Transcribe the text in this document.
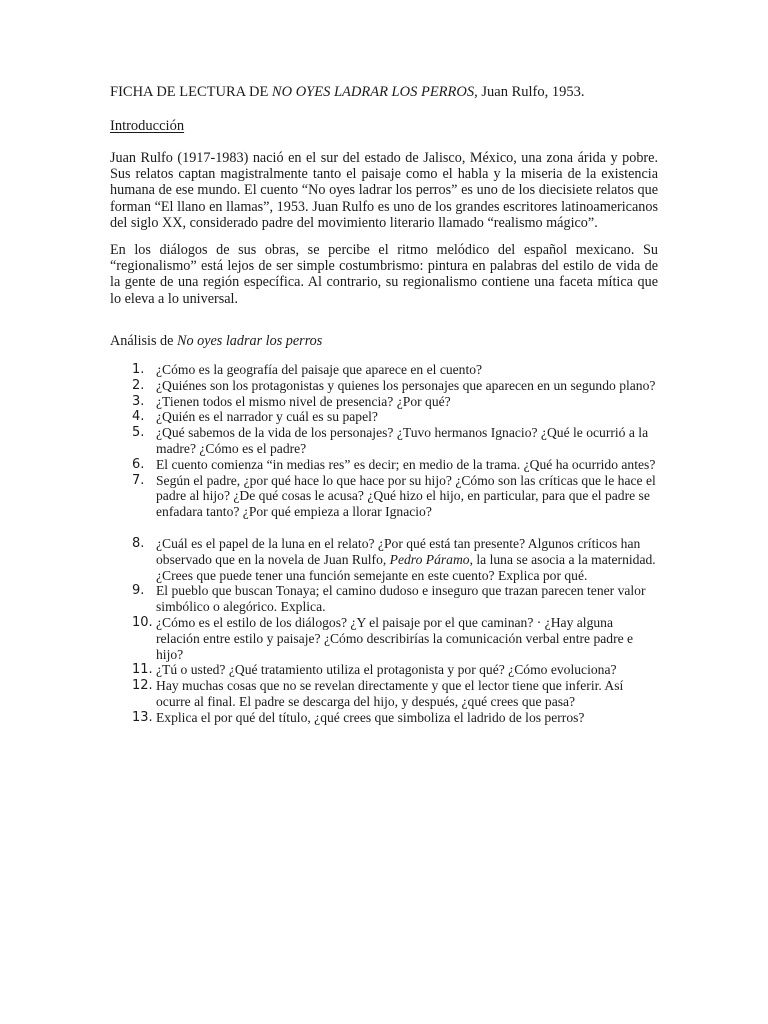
FICHA DE LECTURA DE NO OYES LADRAR LOS PERROS, Juan Rulfo, 1953.
Introducción

Juan Rulfo (1917-1983) nació en el sur del estado de Jalisco, México, una zona árida y pobre. Sus relatos captan magistralmente tanto el paisaje como el habla y la miseria de la existencia humana de ese mundo. El cuento “No oyes ladrar los perros” es uno de los diecisiete relatos que forman “El llano en llamas”, 1953. Juan Rulfo es uno de los grandes escritores latinoamericanos del siglo XX, considerado padre del movimiento literario llamado “realismo mágico”.

En los diálogos de sus obras, se percibe el ritmo melódico del español mexicano. Su “regionalismo” está lejos de ser simple costumbrismo: pintura en palabras del estilo de vida de la gente de una región específica. Al contrario, su regionalismo contiene una faceta mítica que lo eleva a lo universal.

Análisis de No oyes ladrar los perros
1. ¿Cómo es la geografía del paisaje que aparece en el cuento?
2. ¿Quiénes son los protagonistas y quienes los personajes que aparecen en un segundo plano?
3. ¿Tienen todos el mismo nivel de presencia? ¿Por qué?
4. ¿Quién es el narrador y cuál es su papel?
5. ¿Qué sabemos de la vida de los personajes? ¿Tuvo hermanos Ignacio? ¿Qué le ocurrió a la madre? ¿Cómo es el padre?
6. El cuento comienza “in medias res” es decir; en medio de la trama. ¿Qué ha ocurrido antes?
7. Según el padre, ¿por qué hace lo que hace por su hijo? ¿Cómo son las críticas que le hace el padre al hijo? ¿De qué cosas le acusa? ¿Qué hizo el hijo, en particular, para que el padre se enfadara tanto? ¿Por qué empieza a llorar Ignacio?
8. ¿Cuál es el papel de la luna en el relato? ¿Por qué está tan presente? Algunos críticos han observado que en la novela de Juan Rulfo, Pedro Páramo, la luna se asocia a la maternidad. ¿Crees que puede tener una función semejante en este cuento? Explica por qué.
9. El pueblo que buscan Tonaya; el camino dudoso e inseguro que trazan parecen tener valor simbólico o alegórico. Explica.
10. ¿Cómo es el estilo de los diálogos? ¿Y el paisaje por el que caminan? · ¿Hay alguna relación entre estilo y paisaje? ¿Cómo describirías la comunicación verbal entre padre e hijo?
11. ¿Tú o usted? ¿Qué tratamiento utiliza el protagonista y por qué? ¿Cómo evoluciona?
12. Hay muchas cosas que no se revelan directamente y que el lector tiene que inferir. Así ocurre al final. El padre se descarga del hijo, y después, ¿qué crees que pasa?
13. Explica el por qué del título, ¿qué crees que simboliza el ladrido de los perros?
